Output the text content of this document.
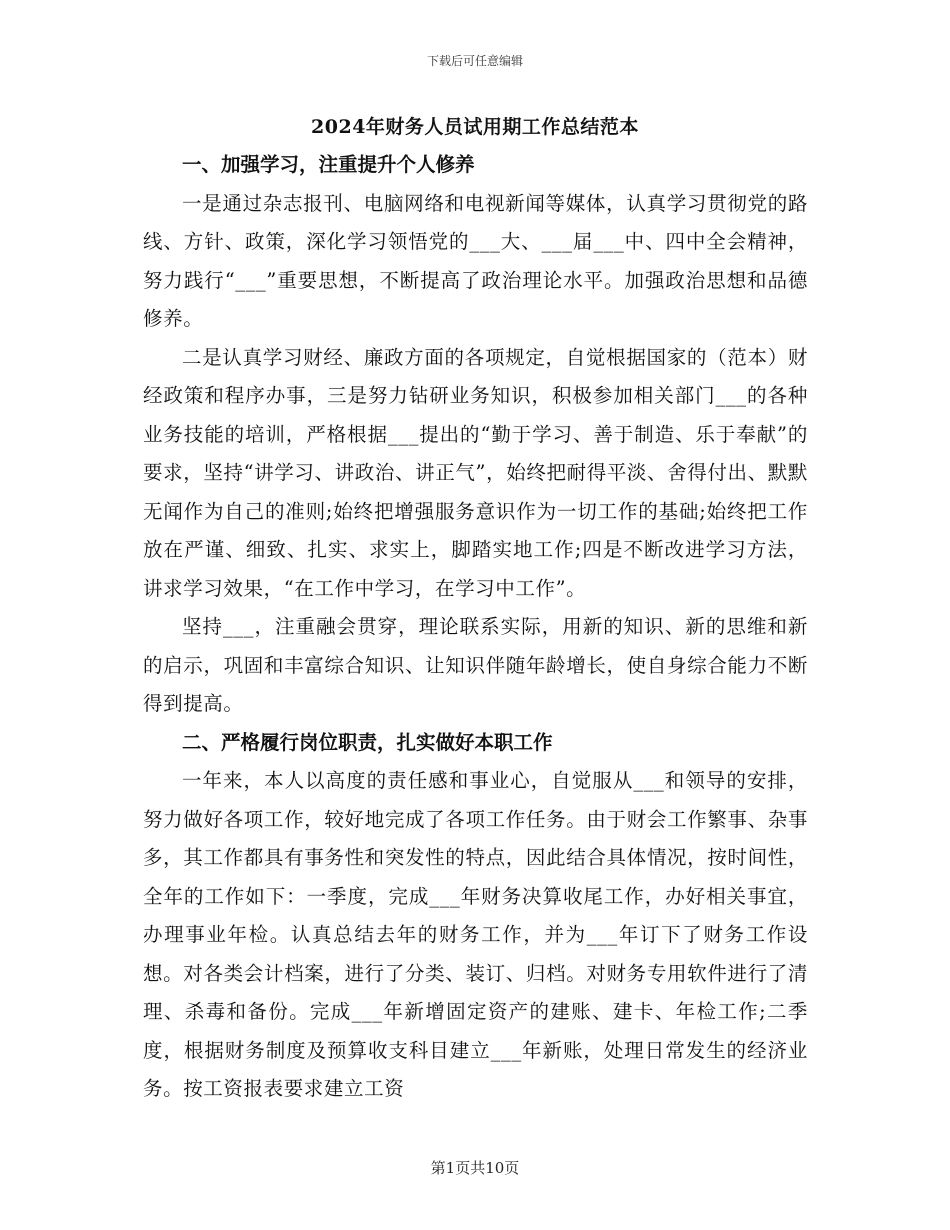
下载后可任意编辑
2024年财务人员试用期工作总结范本

一、加强学习，注重提升个人修养

一是通过杂志报刊、电脑网络和电视新闻等媒体，认真学习贯彻党的路线、方针、政策，深化学习领悟党的___大、___届___中、四中全会精神，努力践行“___”重要思想，不断提高了政治理论水平。加强政治思想和品德修养。

二是认真学习财经、廉政方面的各项规定，自觉根据国家的（范本）财经政策和程序办事，三是努力钻研业务知识，积极参加相关部门___的各种业务技能的培训，严格根据___提出的“勤于学习、善于制造、乐于奉献”的要求，坚持“讲学习、讲政治、讲正气”，始终把耐得平淡、舍得付出、默默无闻作为自己的准则;始终把增强服务意识作为一切工作的基础;始终把工作放在严谨、细致、扎实、求实上，脚踏实地工作;四是不断改进学习方法，讲求学习效果，“在工作中学习，在学习中工作”。

坚持___，注重融会贯穿，理论联系实际，用新的知识、新的思维和新的启示，巩固和丰富综合知识、让知识伴随年龄增长，使自身综合能力不断得到提高。

二、严格履行岗位职责，扎实做好本职工作

一年来，本人以高度的责任感和事业心，自觉服从___和领导的安排，努力做好各项工作，较好地完成了各项工作任务。由于财会工作繁事、杂事多，其工作都具有事务性和突发性的特点，因此结合具体情况，按时间性，全年的工作如下：一季度，完成___年财务决算收尾工作，办好相关事宜，办理事业年检。认真总结去年的财务工作，并为___年订下了财务工作设想。对各类会计档案，进行了分类、装订、归档。对财务专用软件进行了清理、杀毒和备份。完成___年新增固定资产的建账、建卡、年检工作;二季度，根据财务制度及预算收支科目建立___年新账，处理日常发生的经济业务。按工资报表要求建立工资

第1页共10页
